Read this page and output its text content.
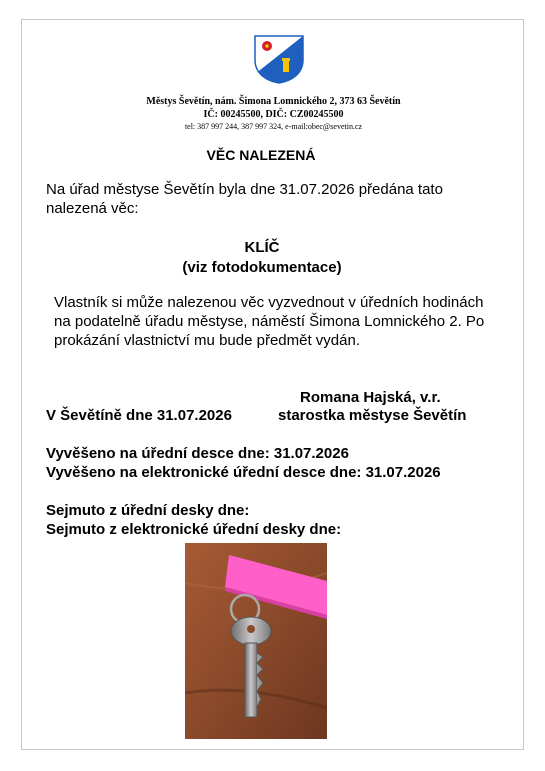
Městys Ševětín, nám. Šimona Lomnického 2, 373 63 Ševětín
IČ: 00245500, DIČ: CZ00245500
tel: 387 997 244, 387 997 324, e-mail:obec@sevetin.cz
VĚC NALEZENÁ
Na úřad městyse Ševětín byla dne 31.07.2026 předána tato nalezená věc:
KLÍČ
(viz fotodokumentace)
Vlastník si může nalezenou věc vyzvednout v úředních hodinách na podatelně úřadu městyse, náměstí Šimona Lomnického 2. Po prokázání vlastnictví mu bude předmět vydán.
Romana Hajská, v.r.
V Ševětíně dne 31.07.2026	starostka městyse Ševětín
Vyvěšeno na úřední desce dne: 31.07.2026
Vyvěšeno na elektronické úřední desce dne: 31.07.2026
Sejmuto z úřední desky dne:
Sejmuto z elektronické úřední desky dne:
